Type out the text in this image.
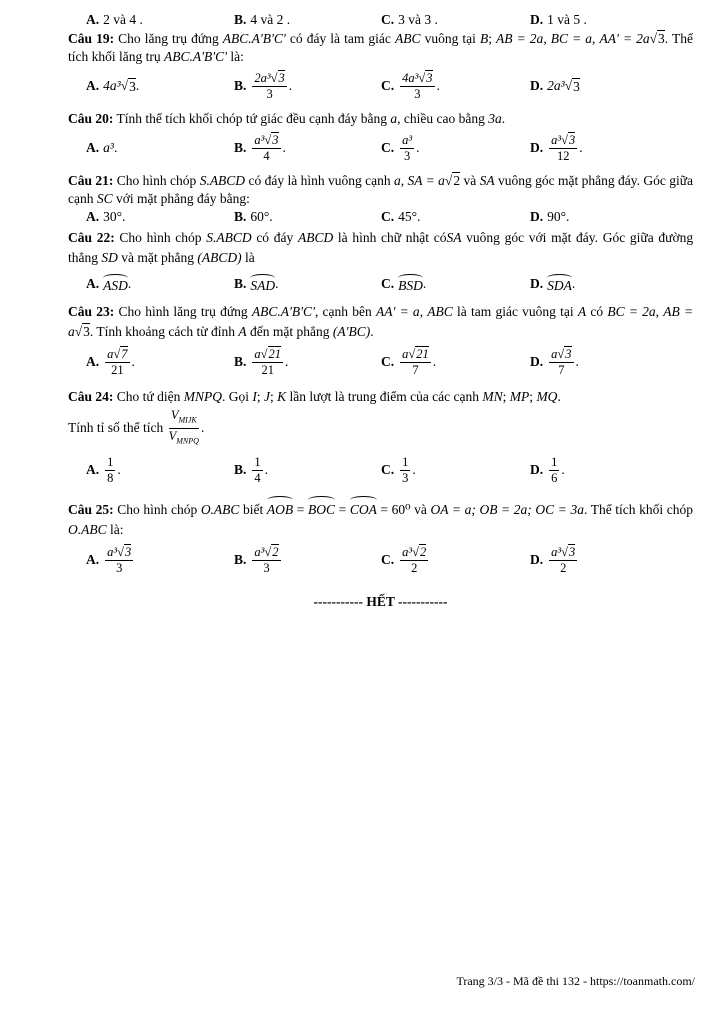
A. 2 và 4 .	B. 4 và 2 .	C. 3 và 3 .	D. 1 và 5 .
Câu 19: Cho lăng trụ đứng ABC.A'B'C' có đáy là tam giác ABC vuông tại B; AB = 2a, BC = a, AA' = 2a √ 3. Thể tích khối lăng trụ ABC.A'B'C' là:
A. 4a³ √ 3 .	B. $\frac{\text{2a³ √ 3}}{3}$ .	C. $\frac{\text{4a³ √ 3}}{3}$ .	D. 2a³ √ 3
Câu 20: Tính thể tích khối chóp tứ giác đều cạnh đáy bằng a, chiều cao bằng 3a.
A. a³ .	B. $\frac{\text{a³ √ 3}}{4}$ .	C. $\frac{\text{a³}}{3}$ .	D. $\frac{\text{a³ √ 3}}{12}$ .
Câu 21: Cho hình chóp S.ABCD có đáy là hình vuông cạnh a, SA = a √ 2 và SA vuông góc mặt phẳng đáy. Góc giữa cạnh SC với mặt phẳng đáy bằng:
A. 30° .	B. 60° .	C. 45° .	D. 90° .
Câu 22: Cho hình chóp S.ABCD có đáy ABCD là hình chữ nhật cóSA vuông góc với mặt đáy. Góc giữa đường thẳng SD và mặt phẳng (ABCD) là
A. ASD .	B. SAD .	C. BSD .	D. SDA .
Câu 23: Cho hình lăng trụ đứng ABC.A'B'C', cạnh bên AA' = a, ABC là tam giác vuông tại A có BC = 2a, AB = a √ 3. Tính khoảng cách từ đỉnh A đến mặt phẳng (A'BC).
A. $\frac{a √ 7}{21}$ .	B. $\frac{a √ 21}{21}$ .	C. $\frac{a √ 21}{7}$ .	D. $\frac{a √ 3}{7}$ .
Câu 24: Cho tứ diện MNPQ. Gọi I; J; K lần lượt là trung điểm của các cạnh MN; MP; MQ.
Tính tỉ số thể tích
$\frac{V_{MIJK}}{V_{MNPQ}}$ .
A. $\frac{1}{8}$ .	B. $\frac{1}{4}$ .	C. $\frac{1}{3}$ .	D. $\frac{1}{6}$ .
Câu 25: Cho hình chóp O.ABC biết AOB = BOC = COA = 60⁰ và OA = a; OB = 2a; OC = 3a. Thể tích khối chóp O.ABC là:
A. $\frac{\text{a³ √ 3}}{3}$	B. $\frac{\text{a³ √ 2}}{3}$	C. $\frac{\text{a³ √ 2}}{2}$	D. $\frac{\text{a³ √ 3}}{2}$
----------- HẾT -----------
Trang 3/3 - Mã đề thi 132 - https://toanmath.com/
